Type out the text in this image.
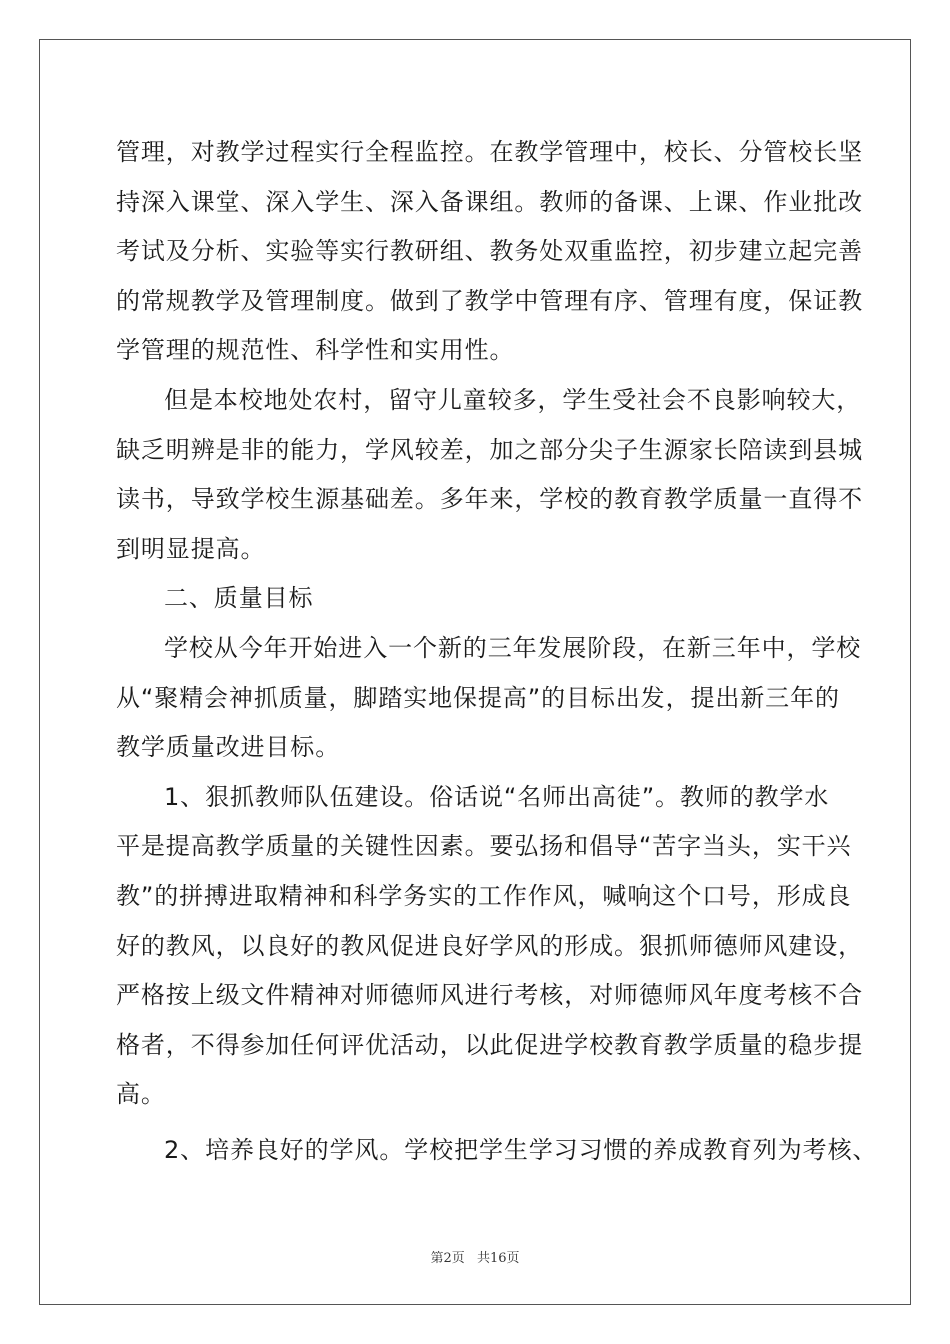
管理，对教学过程实行全程监控。在教学管理中，校长、分管校长坚
持深入课堂、深入学生、深入备课组。教师的备课、上课、作业批改
考试及分析、实验等实行教研组、教务处双重监控，初步建立起完善
的常规教学及管理制度。做到了教学中管理有序、管理有度，保证教
学管理的规范性、科学性和实用性。
但是本校地处农村，留守儿童较多，学生受社会不良影响较大，
缺乏明辨是非的能力，学风较差，加之部分尖子生源家长陪读到县城
读书，导致学校生源基础差。多年来，学校的教育教学质量一直得不
到明显提高。
二、质量目标
学校从今年开始进入一个新的三年发展阶段，在新三年中，学校
从“聚精会神抓质量，脚踏实地保提高”的目标出发，提出新三年的
教学质量改进目标。
1、狠抓教师队伍建设。俗话说“名师出高徒”。教师的教学水
平是提高教学质量的关键性因素。要弘扬和倡导“苦字当头，实干兴
教”的拼搏进取精神和科学务实的工作作风，喊响这个口号，形成良
好的教风，以良好的教风促进良好学风的形成。狠抓师德师风建设，
严格按上级文件精神对师德师风进行考核，对师德师风年度考核不合
格者，不得参加任何评优活动，以此促进学校教育教学质量的稳步提
高。
2、培养良好的学风。学校把学生学习习惯的养成教育列为考核、
第2页 共16页
